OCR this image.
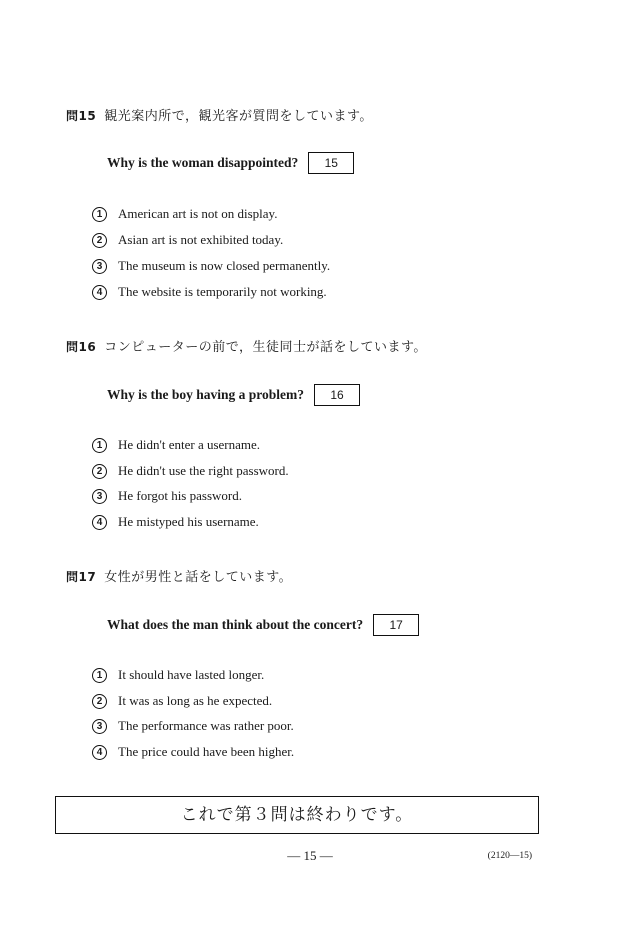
問15 観光案内所で，観光客が質問をしています。
Why is the woman disappointed?	15
1	American art is not on display.
2	Asian art is not exhibited today.
3	The museum is now closed permanently.
4	The website is temporarily not working.
問16 コンピューターの前で，生徒同士が話をしています。
Why is the boy having a problem?	16
1	He didn't enter a username.
2	He didn't use the right password.
3	He forgot his password.
4	He mistyped his username.
問17 女性が男性と話をしています。
What does the man think about the concert?	17
1	It should have lasted longer.
2	It was as long as he expected.
3	The performance was rather poor.
4	The price could have been higher.
これで第３問は終わりです。
— 15 —	(2120—15)
